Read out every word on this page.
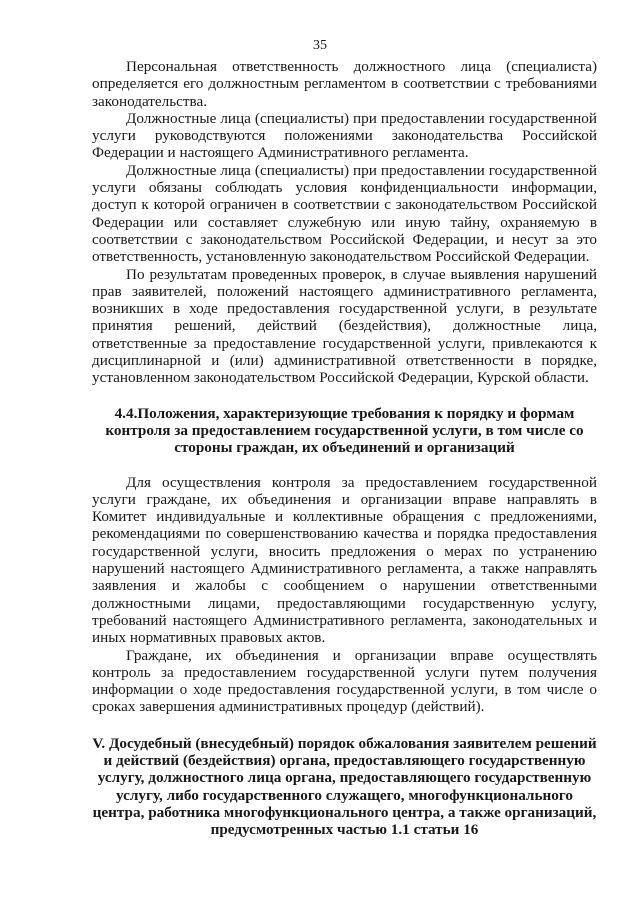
35

Персональная ответственность должностного лица (специалиста) определяется его должностным регламентом в соответствии с требованиями законодательства.

Должностные лица (специалисты) при предоставлении государственной услуги руководствуются положениями законодательства Российской Федерации и настоящего Административного регламента.

Должностные лица (специалисты) при предоставлении государственной услуги обязаны соблюдать условия конфиденциальности информации, доступ к которой ограничен в соответствии с законодательством Российской Федерации или составляет служебную или иную тайну, охраняемую в соответствии с законодательством Российской Федерации, и несут за это ответственность, установленную законодательством Российской Федерации.

По результатам проведенных проверок, в случае выявления нарушений прав заявителей, положений настоящего административного регламента, возникших в ходе предоставления государственной услуги, в результате принятия решений, действий (бездействия), должностные лица, ответственные за предоставление государственной услуги, привлекаются к дисциплинарной и (или) административной ответственности в порядке, установленном законодательством Российской Федерации, Курской области.

4.4.Положения, характеризующие требования к порядку и формам контроля за предоставлением государственной услуги, в том числе со стороны граждан, их объединений и организаций

Для осуществления контроля за предоставлением государственной услуги граждане, их объединения и организации вправе направлять в Комитет индивидуальные и коллективные обращения с предложениями, рекомендациями по совершенствованию качества и порядка предоставления государственной услуги, вносить предложения о мерах по устранению нарушений настоящего Административного регламента, а также направлять заявления и жалобы с сообщением о нарушении ответственными должностными лицами, предоставляющими государственную услугу, требований настоящего Административного регламента, законодательных и иных нормативных правовых актов.

Граждане, их объединения и организации вправе осуществлять контроль за предоставлением государственной услуги путем получения информации о ходе предоставления государственной услуги, в том числе о сроках завершения административных процедур (действий).

V. Досудебный (внесудебный) порядок обжалования заявителем решений и действий (бездействия) органа, предоставляющего государственную услугу, должностного лица органа, предоставляющего государственную услугу, либо государственного служащего, многофункционального центра, работника многофункционального центра, а также организаций, предусмотренных частью 1.1 статьи 16
